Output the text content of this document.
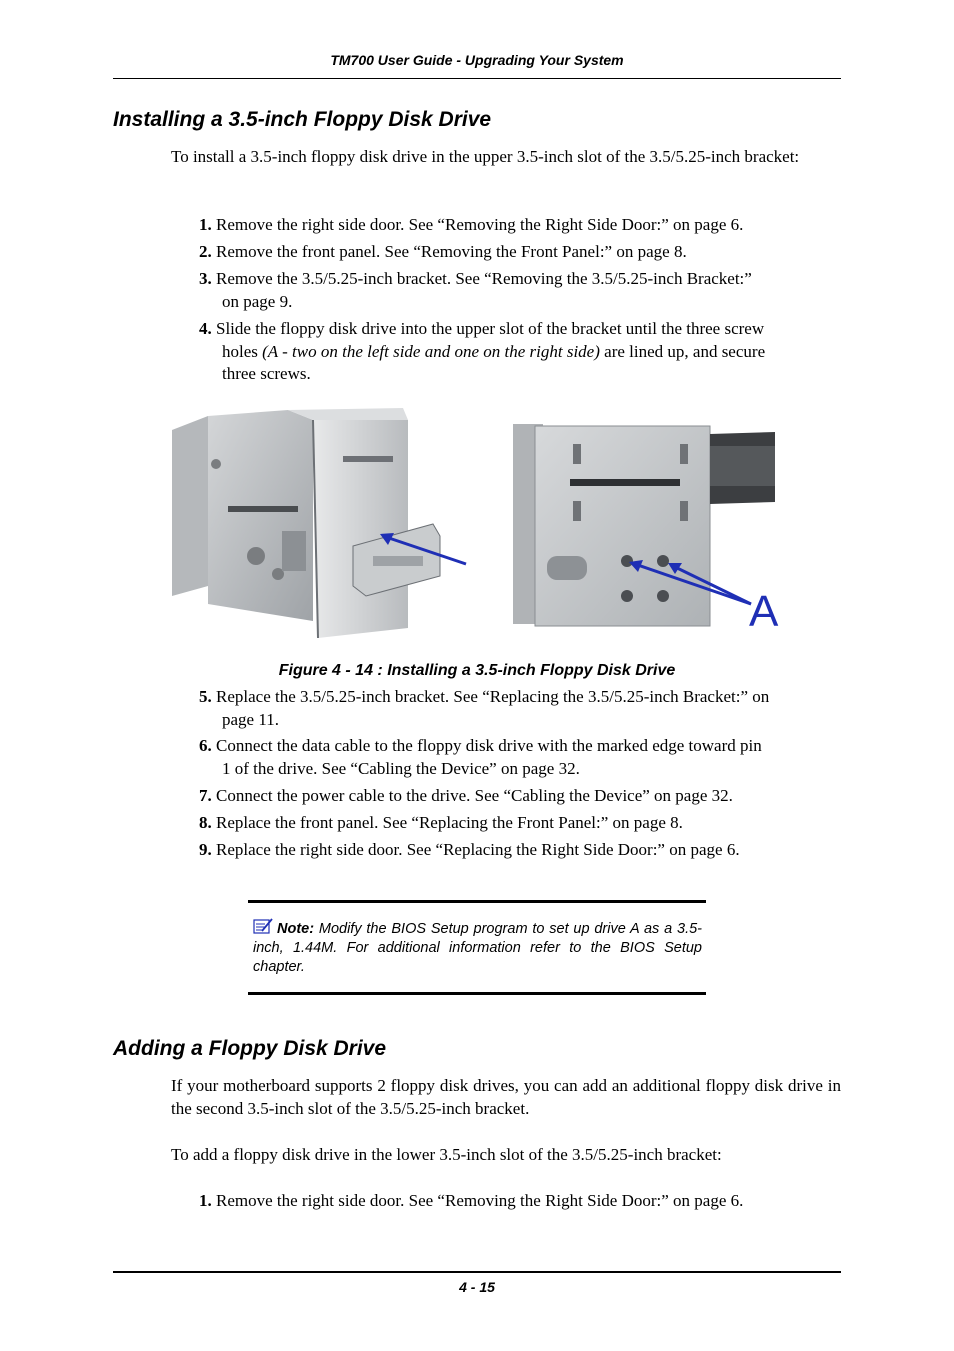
TM700 User Guide - Upgrading Your System
Installing a 3.5-inch Floppy Disk Drive
To install a 3.5-inch floppy disk drive in the upper 3.5-inch slot of the 3.5/5.25-inch bracket:
1. Remove the right side door. See “Removing the Right Side Door:” on page 6.
2. Remove the front panel. See “Removing the Front Panel:” on page 8.
3. Remove the 3.5/5.25-inch bracket. See “Removing the 3.5/5.25-inch Bracket:”
on page 9.
4. Slide the floppy disk drive into the upper slot of the bracket until the three screw
holes (A - two on the left side and one on the right side) are lined up, and secure
three screws.
A
Figure 4 - 14 : Installing a 3.5-inch Floppy Disk Drive
5. Replace the 3.5/5.25-inch bracket. See “Replacing the 3.5/5.25-inch Bracket:” on
page 11.
6. Connect the data cable to the floppy disk drive with the marked edge toward pin
1 of the drive. See “Cabling the Device” on page 32.
7. Connect the power cable to the drive. See “Cabling the Device” on page 32.
8. Replace the front panel. See “Replacing the Front Panel:” on page 8.
9. Replace the right side door. See “Replacing the Right Side Door:” on page 6.
Note: Modify the BIOS Setup program to set up drive A as a 3.5-inch, 1.44M. For additional information refer to the BIOS Setup chapter.
Adding a Floppy Disk Drive
If your motherboard supports 2 floppy disk drives, you can add an additional floppy disk drive in the second 3.5-inch slot of the 3.5/5.25-inch bracket.
To add a floppy disk drive in the lower 3.5-inch slot of the 3.5/5.25-inch bracket:
1. Remove the right side door. See “Removing the Right Side Door:” on page 6.
4 - 15
